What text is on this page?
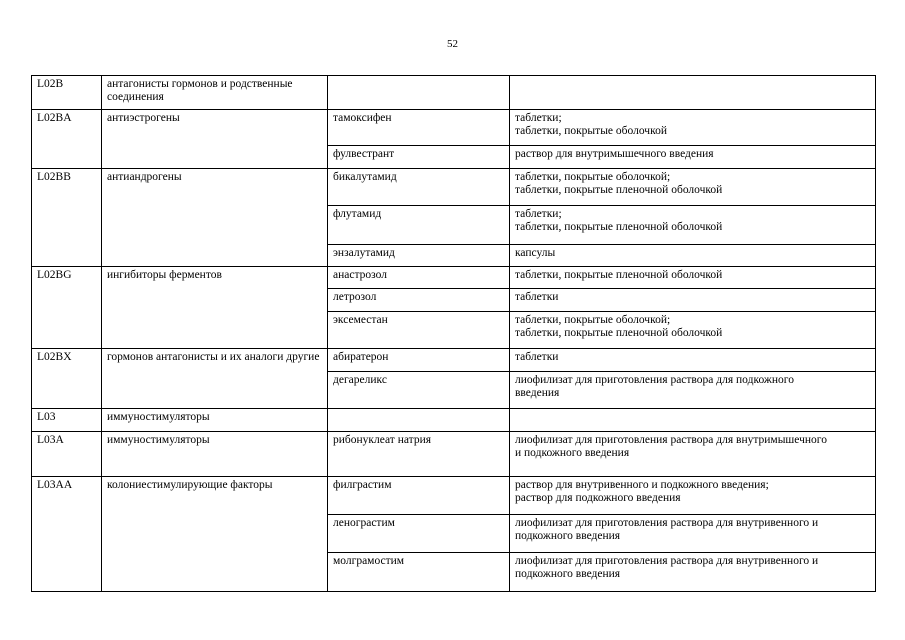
52
L02B	антагонисты гормонов и родственные соединения		

L02BA	антиэстрогены	тамоксифен	таблетки;
таблетки, покрытые оболочкой

		фулвестрант	раствор для внутримышечного введения

L02BB	антиандрогены	бикалутамид	таблетки, покрытые оболочкой;
таблетки, покрытые пленочной оболочкой

		флутамид	таблетки;
таблетки, покрытые пленочной оболочкой

		энзалутамид	капсулы

L02BG	ингибиторы ферментов	анастрозол	таблетки, покрытые пленочной оболочкой

		летрозол	таблетки

		эксеместан	таблетки, покрытые оболочкой;
таблетки, покрытые пленочной оболочкой

L02BX	гормонов антагонисты и их аналоги другие	абиратерон	таблетки

		дегареликс	лиофилизат для приготовления раствора для подкожного
введения

L03	иммуностимуляторы		

L03A	иммуностимуляторы	рибонуклеат натрия	лиофилизат для приготовления раствора для внутримышечного
и подкожного введения

L03AA	колониестимулирующие факторы	филграстим	раствор для внутривенного и подкожного введения;
раствор для подкожного введения

		ленограстим	лиофилизат для приготовления раствора для внутривенного и
подкожного введения

		молграмостим	лиофилизат для приготовления раствора для внутривенного и
подкожного введения
